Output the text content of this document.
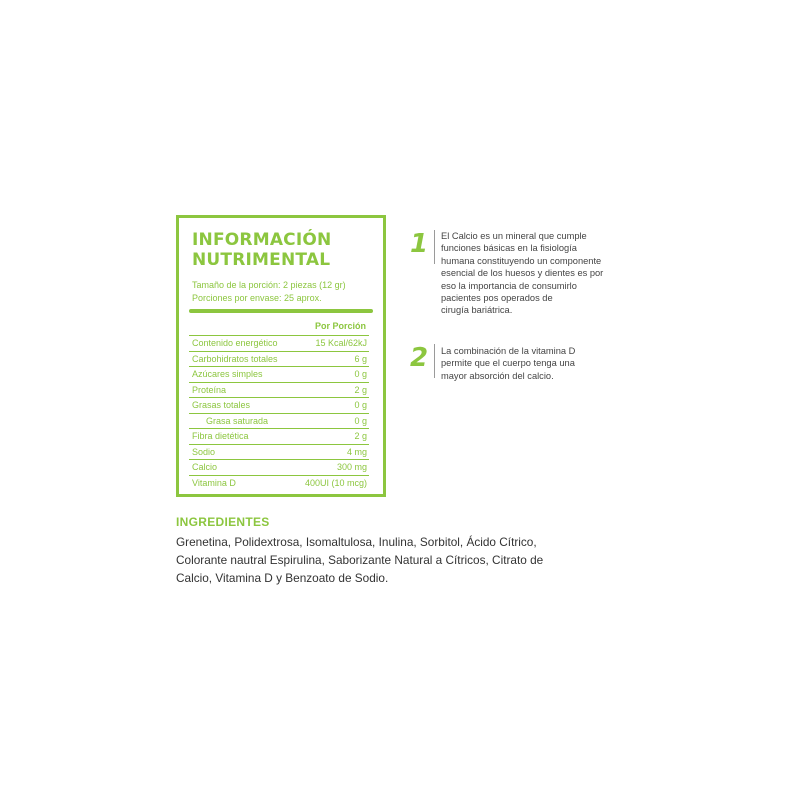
INFORMACIÓN NUTRIMENTAL
Tamaño de la porción: 2 piezas (12 gr)
Porciones por envase: 25 aprox.
Por Porción
Contenido energético	15 Kcal/62kJ
Carbohidratos totales	6 g
Azúcares simples	0 g
Proteína	2 g
Grasas totales	0 g
Grasa saturada	0 g
Fibra dietética	2 g
Sodio	4 mg
Calcio	300 mg
Vitamina D	400UI (10 mcg)
1 El Calcio es un mineral que cumple
funciones básicas en la fisiología
humana constituyendo un componente
esencial de los huesos y dientes es por
eso la importancia de consumirlo
pacientes pos operados de
cirugía bariátrica.
2 La combinación de la vitamina D
permite que el cuerpo tenga una
mayor absorción del calcio.
INGREDIENTES
Grenetina, Polidextrosa, Isomaltulosa, Inulina, Sorbitol, Ácido Cítrico,
Colorante nautral Espirulina, Saborizante Natural a Cítricos, Citrato de
Calcio, Vitamina D y Benzoato de Sodio.
